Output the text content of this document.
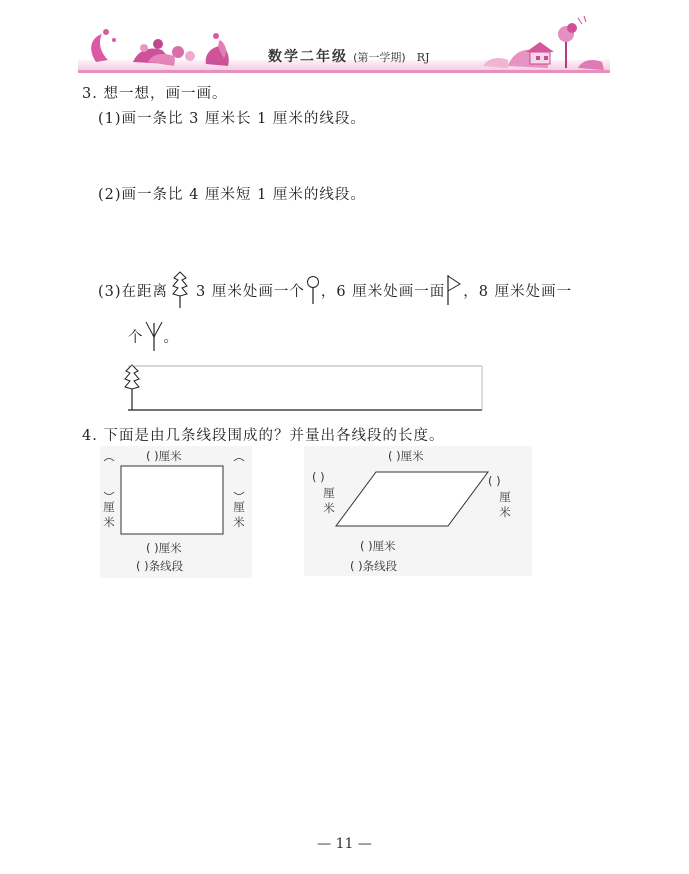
数学二年级 (第一学期) RJ
3. 想一想，画一画。
(1)画一条比 3 厘米长 1 厘米的线段。
(2)画一条比 4 厘米短 1 厘米的线段。
(3)在距离 3 厘米处画一个 ，6 厘米处画一面 ，8 厘米处画一
个 。
4. 下面是由几条线段围成的？并量出各线段的长度。
( )厘米
( )厘米
厘
米
厘
米
( )条线段
( )厘米
( )厘米
( )
厘
米
( )
厘
米
( )条线段
— 11 —
